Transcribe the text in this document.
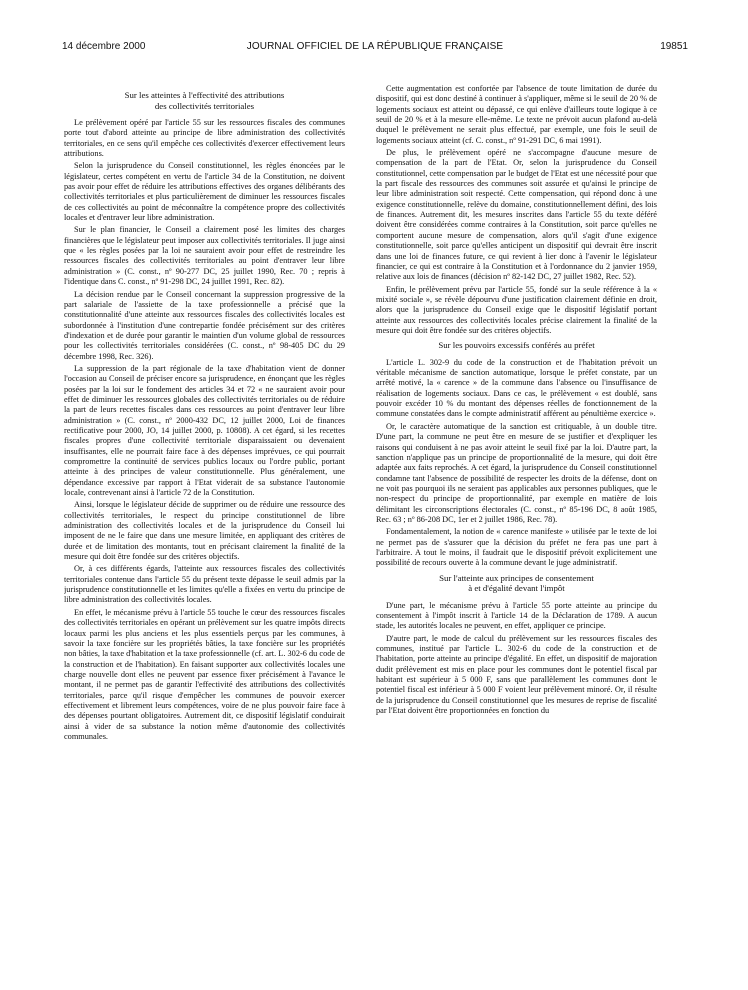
14 décembre 2000	JOURNAL OFFICIEL DE LA RÉPUBLIQUE FRANÇAISE	19851
Sur les atteintes à l'effectivité des attributions
des collectivités territoriales

Le prélèvement opéré par l'article 55 sur les ressources fiscales des communes porte tout d'abord atteinte au principe de libre administration des collectivités territoriales, en ce sens qu'il empêche ces collectivités d'exercer effectivement leurs attributions.

Selon la jurisprudence du Conseil constitutionnel, les règles énoncées par le législateur, certes compétent en vertu de l'article 34 de la Constitution, ne doivent pas avoir pour effet de réduire les attributions effectives des organes délibérants des collectivités territoriales et plus particulièrement de diminuer les ressources fiscales de ces collectivités au point de méconnaître la compétence propre des collectivités locales et d'entraver leur libre administration.

Sur le plan financier, le Conseil a clairement posé les limites des charges financières que le législateur peut imposer aux collectivités territoriales. Il juge ainsi que « les règles posées par la loi ne sauraient avoir pour effet de restreindre les ressources fiscales des collectivités territoriales au point d'entraver leur libre administration » (C. const., nº 90-277 DC, 25 juillet 1990, Rec. 70 ; repris à l'identique dans C. const., nº 91-298 DC, 24 juillet 1991, Rec. 82).

La décision rendue par le Conseil concernant la suppression progressive de la part salariale de l'assiette de la taxe professionnelle a précisé que la constitutionnalité d'une atteinte aux ressources fiscales des collectivités locales est subordonnée à l'institution d'une contrepartie fondée précisément sur des critères d'indexation et de durée pour garantir le maintien d'un volume global de ressources pour les collectivités territoriales considérées (C. const., nº 98-405 DC du 29 décembre 1998, Rec. 326).

La suppression de la part régionale de la taxe d'habitation vient de donner l'occasion au Conseil de préciser encore sa jurisprudence, en énonçant que les règles posées par la loi sur le fondement des articles 34 et 72 « ne sauraient avoir pour effet de diminuer les ressources globales des collectivités territoriales ou de réduire la part de leurs recettes fiscales dans ces ressources au point d'entraver leur libre administration » (C. const., nº 2000-432 DC, 12 juillet 2000, Loi de finances rectificative pour 2000, JO, 14 juillet 2000, p. 10808). A cet égard, si les recettes fiscales propres d'une collectivité territoriale disparaissaient ou devenaient insuffisantes, elle ne pourrait faire face à des dépenses imprévues, ce qui pourrait compromettre la continuité de services publics locaux ou l'ordre public, portant atteinte à des principes de valeur constitutionnelle. Plus généralement, une dépendance excessive par rapport à l'Etat viderait de sa substance l'autonomie locale, contrevenant ainsi à l'article 72 de la Constitution.

Ainsi, lorsque le législateur décide de supprimer ou de réduire une ressource des collectivités territoriales, le respect du principe constitutionnel de libre administration des collectivités locales et de la jurisprudence du Conseil lui imposent de ne le faire que dans une mesure limitée, en appliquant des critères de durée et de limitation des montants, tout en précisant clairement la finalité de la mesure qui doit être fondée sur des critères objectifs.

Or, à ces différents égards, l'atteinte aux ressources fiscales des collectivités territoriales contenue dans l'article 55 du présent texte dépasse le seuil admis par la jurisprudence constitutionnelle et les limites qu'elle a fixées en vertu du principe de libre administration des collectivités locales.

En effet, le mécanisme prévu à l'article 55 touche le cœur des ressources fiscales des collectivités territoriales en opérant un prélèvement sur les quatre impôts directs locaux parmi les plus anciens et les plus essentiels perçus par les communes, à savoir la taxe foncière sur les propriétés bâties, la taxe foncière sur les propriétés non bâties, la taxe d'habitation et la taxe professionnelle (cf. art. L. 302-6 du code de la construction et de l'habitation). En faisant supporter aux collectivités locales une charge nouvelle dont elles ne peuvent par essence fixer précisément à l'avance le montant, il ne permet pas de garantir l'effectivité des attributions des collectivités territoriales, parce qu'il risque d'empêcher les communes de pouvoir exercer effectivement et librement leurs compétences, voire de ne plus pouvoir faire face à des dépenses pourtant obligatoires. Autrement dit, ce dispositif législatif conduirait ainsi à vider de sa substance la notion même d'autonomie des collectivités communales.

Cette augmentation est confortée par l'absence de toute limitation de durée du dispositif, qui est donc destiné à continuer à s'appliquer, même si le seuil de 20 % de logements sociaux est atteint ou dépassé, ce qui enlève d'ailleurs toute logique à ce seuil de 20 % et à la mesure elle-même. Le texte ne prévoit aucun plafond au-delà duquel le prélèvement ne serait plus effectué, par exemple, une fois le seuil de logements sociaux atteint (cf. C. const., nº 91-291 DC, 6 mai 1991).

De plus, le prélèvement opéré ne s'accompagne d'aucune mesure de compensation de la part de l'Etat. Or, selon la jurisprudence du Conseil constitutionnel, cette compensation par le budget de l'Etat est une nécessité pour que la part fiscale des ressources des communes soit assurée et qu'ainsi le principe de leur libre administration soit respecté. Cette compensation, qui répond donc à une exigence constitutionnelle, relève du domaine, constitutionnellement défini, des lois de finances. Autrement dit, les mesures inscrites dans l'article 55 du texte déféré doivent être considérées comme contraires à la Constitution, soit parce qu'elles ne comportent aucune mesure de compensation, alors qu'il s'agit d'une exigence constitutionnelle, soit parce qu'elles anticipent un dispositif qui devrait être inscrit dans une loi de finances future, ce qui revient à lier donc à l'avenir le législateur financier, ce qui est contraire à la Constitution et à l'ordonnance du 2 janvier 1959, relative aux lois de finances (décision nº 82-142 DC, 27 juillet 1982, Rec. 52).

Enfin, le prélèvement prévu par l'article 55, fondé sur la seule référence à la « mixité sociale », se révèle dépourvu d'une justification clairement définie en droit, alors que la jurisprudence du Conseil exige que le dispositif législatif portant atteinte aux ressources des collectivités locales précise clairement la finalité de la mesure qui doit être fondée sur des critères objectifs.

Sur les pouvoirs excessifs conférés au préfet

L'article L. 302-9 du code de la construction et de l'habitation prévoit un véritable mécanisme de sanction automatique, lorsque le préfet constate, par un arrêté motivé, la « carence » de la commune dans l'absence ou l'insuffisance de réalisation de logements sociaux. Dans ce cas, le prélèvement « est doublé, sans pouvoir excéder 10 % du montant des dépenses réelles de fonctionnement de la commune constatées dans le compte administratif afférent au pénultième exercice ».

Or, le caractère automatique de la sanction est critiquable, à un double titre. D'une part, la commune ne peut être en mesure de se justifier et d'expliquer les raisons qui conduisent à ne pas avoir atteint le seuil fixé par la loi. D'autre part, la sanction n'applique pas un principe de proportionnalité de la mesure, qui doit être adaptée aux faits reprochés. A cet égard, la jurisprudence du Conseil constitutionnel condamne tant l'absence de possibilité de respecter les droits de la défense, dont on ne voit pas pourquoi ils ne seraient pas applicables aux personnes publiques, que le non-respect du principe de proportionnalité, par exemple en matière de lois délimitant les circonscriptions électorales (C. const., nº 85-196 DC, 8 août 1985, Rec. 63 ; nº 86-208 DC, 1er et 2 juillet 1986, Rec. 78).

Fondamentalement, la notion de « carence manifeste » utilisée par le texte de loi ne permet pas de s'assurer que la décision du préfet ne fera pas une part à l'arbitraire. A tout le moins, il faudrait que le dispositif prévoit explicitement une possibilité de recours ouverte à la commune devant le juge administratif.

Sur l'atteinte aux principes de consentement
à et d'égalité devant l'impôt

D'une part, le mécanisme prévu à l'article 55 porte atteinte au principe du consentement à l'impôt inscrit à l'article 14 de la Déclaration de 1789. A aucun stade, les autorités locales ne peuvent, en effet, appliquer ce principe.

D'autre part, le mode de calcul du prélèvement sur les ressources fiscales des communes, institué par l'article L. 302-6 du code de la construction et de l'habitation, porte atteinte au principe d'égalité. En effet, un dispositif de majoration dudit prélèvement est mis en place pour les communes dont le potentiel fiscal par habitant est supérieur à 5 000 F, sans que parallèlement les communes dont le potentiel fiscal est inférieur à 5 000 F voient leur prélèvement minoré. Or, il résulte de la jurisprudence du Conseil constitutionnel que les mesures de reprise de fiscalité par l'Etat doivent être proportionnées en fonction du
